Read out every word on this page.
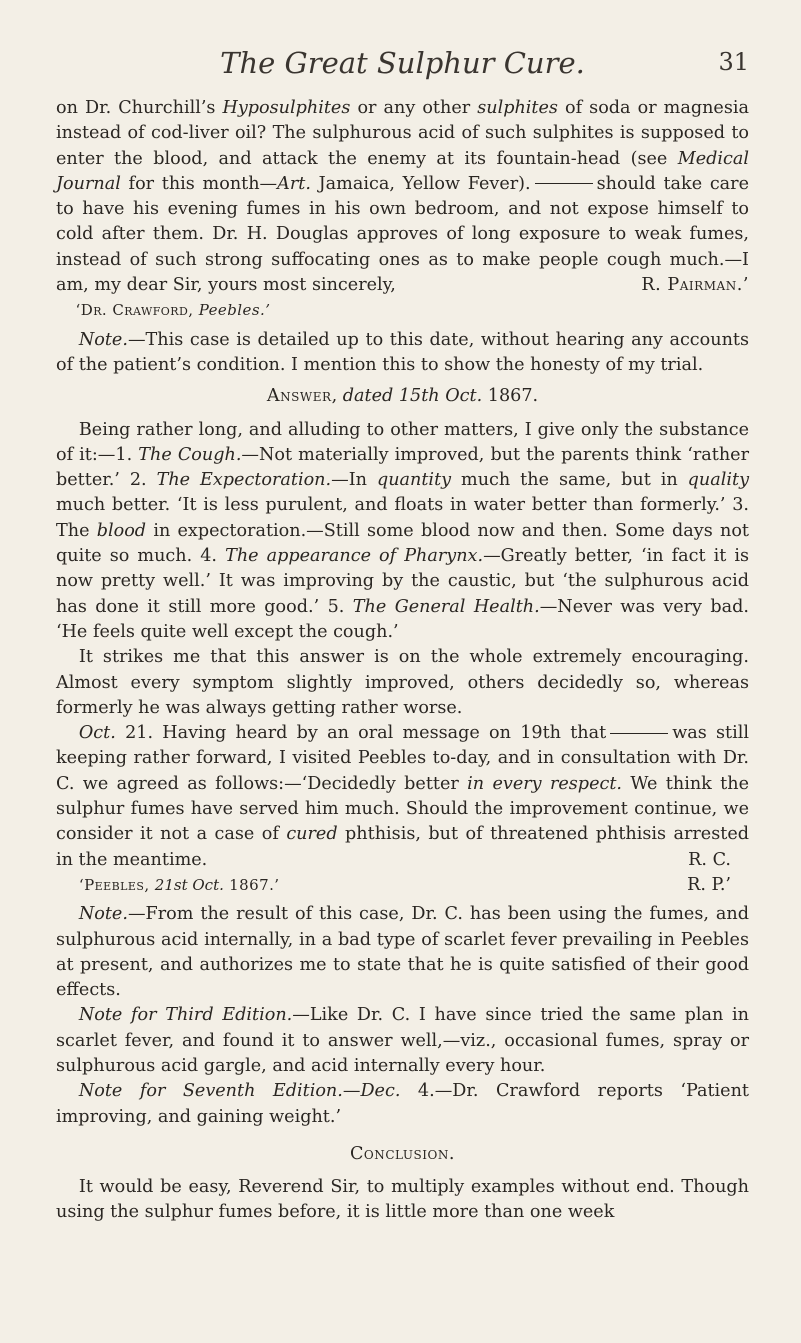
The Great Sulphur Cure.	31

on Dr. Churchill’s Hyposulphites or any other sulphites of soda or magnesia instead of cod-liver oil? The sulphurous acid of such sulphites is supposed to enter the blood, and attack the enemy at its fountain-head (see Medical Journal for this month—Art. Jamaica, Yellow Fever).	should take care to have his evening fumes in his own bedroom, and not expose himself to cold after them. Dr. H. Douglas approves of long exposure to weak fumes, instead of such strong suffocating ones as to make people cough much.—I am, my dear Sir, yours most sincerely,	R. Pairman.’

‘Dr. Crawford, Peebles.’

Note.—This case is detailed up to this date, without hearing any accounts of the patient’s condition. I mention this to show the honesty of my trial.

Answer, dated 15th Oct. 1867.

Being rather long, and alluding to other matters, I give only the substance of it:—1. The Cough.—Not materially improved, but the parents think ‘rather better.’ 2. The Expectoration.—In quantity much the same, but in quality much better. ‘It is less purulent, and floats in water better than formerly.’ 3. The blood in expectoration.—Still some blood now and then. Some days not quite so much. 4. The appearance of Pharynx.—Greatly better, ‘in fact it is now pretty well.’ It was improving by the caustic, but ‘the sulphurous acid has done it still more good.’ 5. The General Health.—Never was very bad. ‘He feels quite well except the cough.’

It strikes me that this answer is on the whole extremely encouraging. Almost every symptom slightly improved, others decidedly so, whereas formerly he was always getting rather worse.

Oct. 21. Having heard by an oral message on 19th that	was still keeping rather forward, I visited Peebles to-day, and in consultation with Dr. C. we agreed as follows:—‘Decidedly better in every respect. We think the sulphur fumes have served him much. Should the improvement continue, we consider it not a case of cured phthisis, but of threatened phthisis arrested in the meantime.	R. C.

‘Peebles, 21st Oct. 1867.’	R. P.’

Note.—From the result of this case, Dr. C. has been using the fumes, and sulphurous acid internally, in a bad type of scarlet fever prevailing in Peebles at present, and authorizes me to state that he is quite satisfied of their good effects.

Note for Third Edition.—Like Dr. C. I have since tried the same plan in scarlet fever, and found it to answer well,—viz., occasional fumes, spray or sulphurous acid gargle, and acid internally every hour.

Note for Seventh Edition.—Dec. 4.—Dr. Crawford reports ‘Patient improving, and gaining weight.’

Conclusion.

It would be easy, Reverend Sir, to multiply examples without end. Though using the sulphur fumes before, it is little more than one week
